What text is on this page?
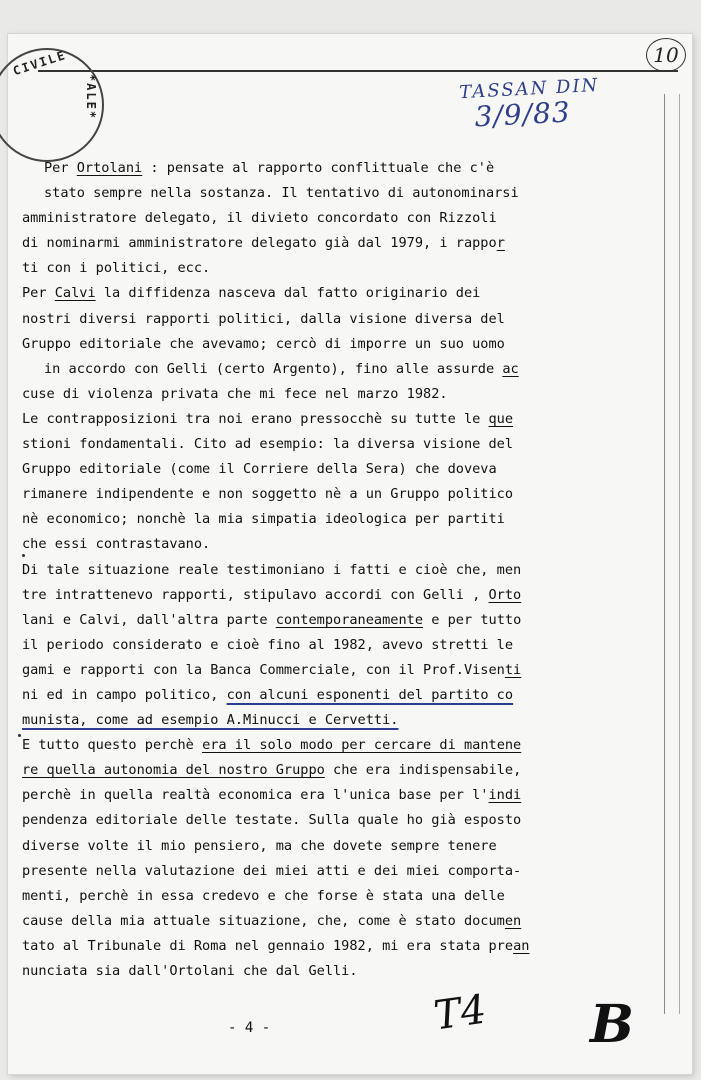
CIVILE
*ALE*
10
TASSAN DIN
3/9/83
Per Ortolani : pensate al rapporto conflittuale che c'è
stato sempre nella sostanza. Il tentativo di autonominarsi
amministratore delegato, il divieto concordato con Rizzoli
di nominarmi amministratore delegato già dal 1979, i rappor
ti con i politici, ecc.
Per Calvi la diffidenza nasceva dal fatto originario dei
nostri diversi rapporti politici, dalla visione diversa del
Gruppo editoriale che avevamo; cercò di imporre un suo uomo
in accordo con Gelli (certo Argento), fino alle assurde ac
cuse di violenza privata che mi fece nel marzo 1982.
Le contrapposizioni tra noi erano pressocchè su tutte le que
stioni fondamentali. Cito ad esempio: la diversa visione del
Gruppo editoriale (come il Corriere della Sera) che doveva
rimanere indipendente e non soggetto nè a un Gruppo politico
nè economico; nonchè la mia simpatia ideologica per partiti
che essi contrastavano.
Di tale situazione reale testimoniano i fatti e cioè che, men
tre intrattenevo rapporti, stipulavo accordi con Gelli , Orto
lani e Calvi, dall'altra parte contemporaneamente e per tutto
il periodo considerato e cioè fino al 1982, avevo stretti le
gami e rapporti con la Banca Commerciale, con il Prof.Visenti
ni ed in campo politico, con alcuni esponenti del partito co
munista, come ad esempio A.Minucci e Cervetti.
E tutto questo perchè era il solo modo per cercare di mantene
re quella autonomia del nostro Gruppo che era indispensabile,
perchè in quella realtà economica era l'unica base per l'indi
pendenza editoriale delle testate. Sulla quale ho già esposto
diverse volte il mio pensiero, ma che dovete sempre tenere
presente nella valutazione dei miei atti e dei miei comporta-
menti, perchè in essa credevo e che forse è stata una delle
cause della mia attuale situazione, che, come è stato documen
tato al Tribunale di Roma nel gennaio 1982, mi era stata prean
nunciata sia dall'Ortolani che dal Gelli.
- 4 -	T4 B
